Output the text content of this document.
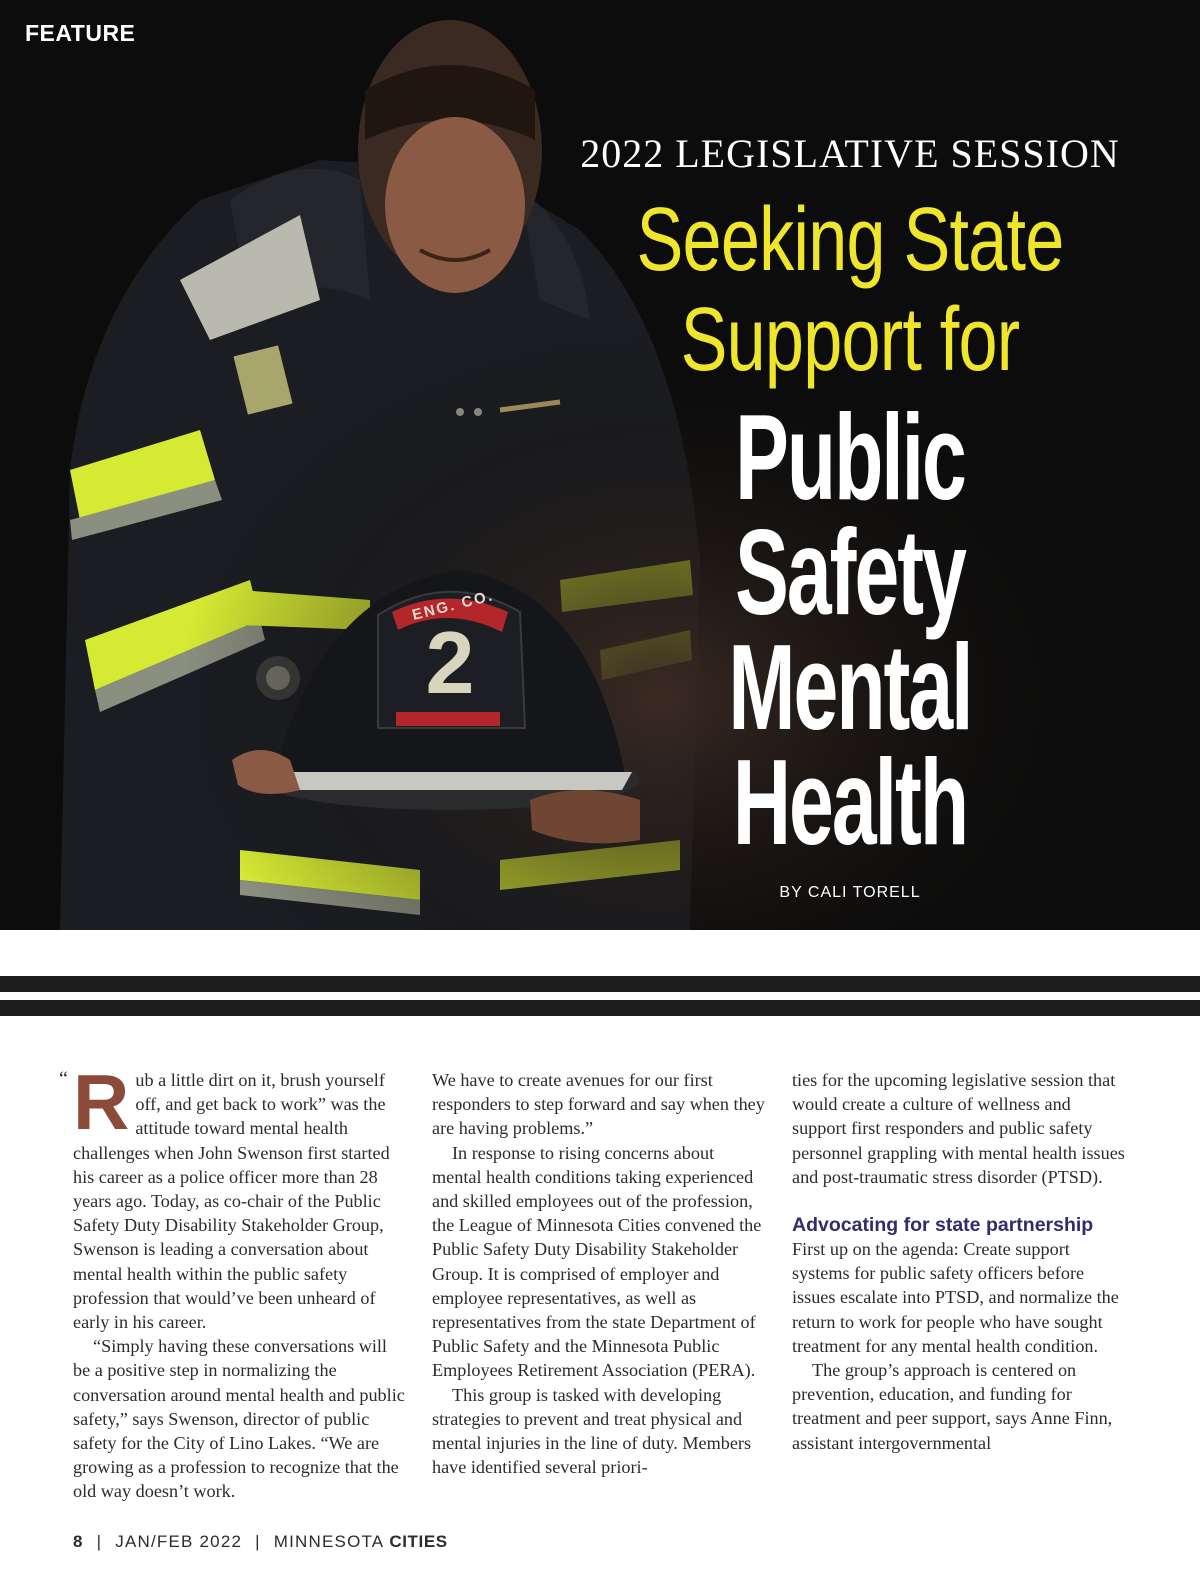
ENG. CO.
2
FEATURE
2022 LEGISLATIVE SESSION
Seeking State
Support for
Public
Safety
Mental
Health
BY CALI TORELL
“ Rub a little dirt on it, brush yourself off, and get back to work” was the attitude toward mental health challenges when John Swenson first started his career as a police officer more than 28 years ago. Today, as co-chair of the Public Safety Duty Disability Stakeholder Group, Swenson is leading a conversation about mental health within the public safety profession that would’ve been unheard of early in his career.

“Simply having these conversations will be a positive step in normalizing the conversation around mental health and public safety,” says Swenson, director of public safety for the City of Lino Lakes. “We are growing as a profession to recognize that the old way doesn’t work.

We have to create avenues for our first responders to step forward and say when they are having problems.”

In response to rising concerns about mental health conditions taking experienced and skilled employees out of the profession, the League of Minnesota Cities convened the Public Safety Duty Disability Stakeholder Group. It is comprised of employer and employee representatives, as well as representatives from the state Department of Public Safety and the Minnesota Public Employees Retirement Association (PERA).

This group is tasked with developing strategies to prevent and treat physical and mental injuries in the line of duty. Members have identified several priori-

ties for the upcoming legislative session that would create a culture of wellness and support first responders and public safety personnel grappling with mental health issues and post-traumatic stress disorder (PTSD).

Advocating for state partnership

First up on the agenda: Create support systems for public safety officers before issues escalate into PTSD, and normalize the return to work for people who have sought treatment for any mental health condition.

The group’s approach is centered on prevention, education, and funding for treatment and peer support, says Anne Finn, assistant intergovernmental

8 | JAN/FEB 2022 | MINNESOTA CITIES
